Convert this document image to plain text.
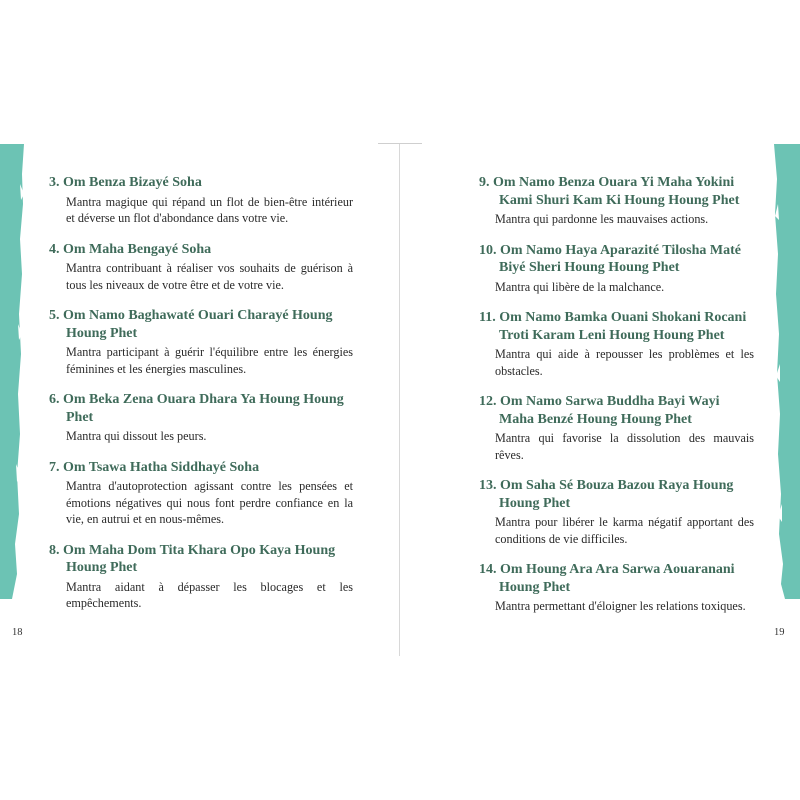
3. Om Benza Bizayé Soha
Mantra magique qui répand un flot de bien-être intérieur et déverse un flot d'abondance dans votre vie.
4. Om Maha Bengayé Soha
Mantra contribuant à réaliser vos souhaits de guérison à tous les niveaux de votre être et de votre vie.
5. Om Namo Baghawaté Ouari Charayé Houng Houng Phet
Mantra participant à guérir l'équilibre entre les énergies féminines et les énergies masculines.
6. Om Beka Zena Ouara Dhara Ya Houng Houng Phet
Mantra qui dissout les peurs.
7. Om Tsawa Hatha Siddhayé Soha
Mantra d'autoprotection agissant contre les pensées et émotions négatives qui nous font perdre confiance en la vie, en autrui et en nous-mêmes.
8. Om Maha Dom Tita Khara Opo Kaya Houng Houng Phet
Mantra aidant à dépasser les blocages et les empêchements.
9. Om Namo Benza Ouara Yi Maha Yokini Kami Shuri Kam Ki Houng Houng Phet
Mantra qui pardonne les mauvaises actions.
10. Om Namo Haya Aparazité Tilosha Maté Biyé Sheri Houng Houng Phet
Mantra qui libère de la malchance.
11. Om Namo Bamka Ouani Shokani Rocani Troti Karam Leni Houng Houng Phet
Mantra qui aide à repousser les problèmes et les obstacles.
12. Om Namo Sarwa Buddha Bayi Wayi Maha Benzé Houng Houng Phet
Mantra qui favorise la dissolution des mauvais rêves.
13. Om Saha Sé Bouza Bazou Raya Houng Houng Phet
Mantra pour libérer le karma négatif apportant des conditions de vie difficiles.
14. Om Houng Ara Ara Sarwa Aouaranani Houng Phet
Mantra permettant d'éloigner les relations toxiques.
18	19
